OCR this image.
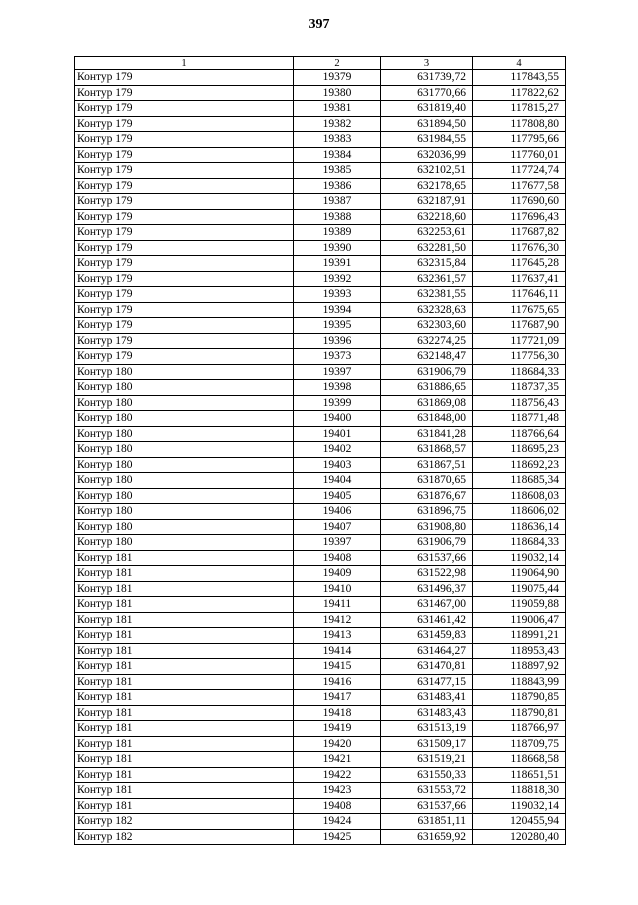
397
1	2	3	4
Контур 179	19379	631739,72	117843,55
Контур 179	19380	631770,66	117822,62
Контур 179	19381	631819,40	117815,27
Контур 179	19382	631894,50	117808,80
Контур 179	19383	631984,55	117795,66
Контур 179	19384	632036,99	117760,01
Контур 179	19385	632102,51	117724,74
Контур 179	19386	632178,65	117677,58
Контур 179	19387	632187,91	117690,60
Контур 179	19388	632218,60	117696,43
Контур 179	19389	632253,61	117687,82
Контур 179	19390	632281,50	117676,30
Контур 179	19391	632315,84	117645,28
Контур 179	19392	632361,57	117637,41
Контур 179	19393	632381,55	117646,11
Контур 179	19394	632328,63	117675,65
Контур 179	19395	632303,60	117687,90
Контур 179	19396	632274,25	117721,09
Контур 179	19373	632148,47	117756,30
Контур 180	19397	631906,79	118684,33
Контур 180	19398	631886,65	118737,35
Контур 180	19399	631869,08	118756,43
Контур 180	19400	631848,00	118771,48
Контур 180	19401	631841,28	118766,64
Контур 180	19402	631868,57	118695,23
Контур 180	19403	631867,51	118692,23
Контур 180	19404	631870,65	118685,34
Контур 180	19405	631876,67	118608,03
Контур 180	19406	631896,75	118606,02
Контур 180	19407	631908,80	118636,14
Контур 180	19397	631906,79	118684,33
Контур 181	19408	631537,66	119032,14
Контур 181	19409	631522,98	119064,90
Контур 181	19410	631496,37	119075,44
Контур 181	19411	631467,00	119059,88
Контур 181	19412	631461,42	119006,47
Контур 181	19413	631459,83	118991,21
Контур 181	19414	631464,27	118953,43
Контур 181	19415	631470,81	118897,92
Контур 181	19416	631477,15	118843,99
Контур 181	19417	631483,41	118790,85
Контур 181	19418	631483,43	118790,81
Контур 181	19419	631513,19	118766,97
Контур 181	19420	631509,17	118709,75
Контур 181	19421	631519,21	118668,58
Контур 181	19422	631550,33	118651,51
Контур 181	19423	631553,72	118818,30
Контур 181	19408	631537,66	119032,14
Контур 182	19424	631851,11	120455,94
Контур 182	19425	631659,92	120280,40
